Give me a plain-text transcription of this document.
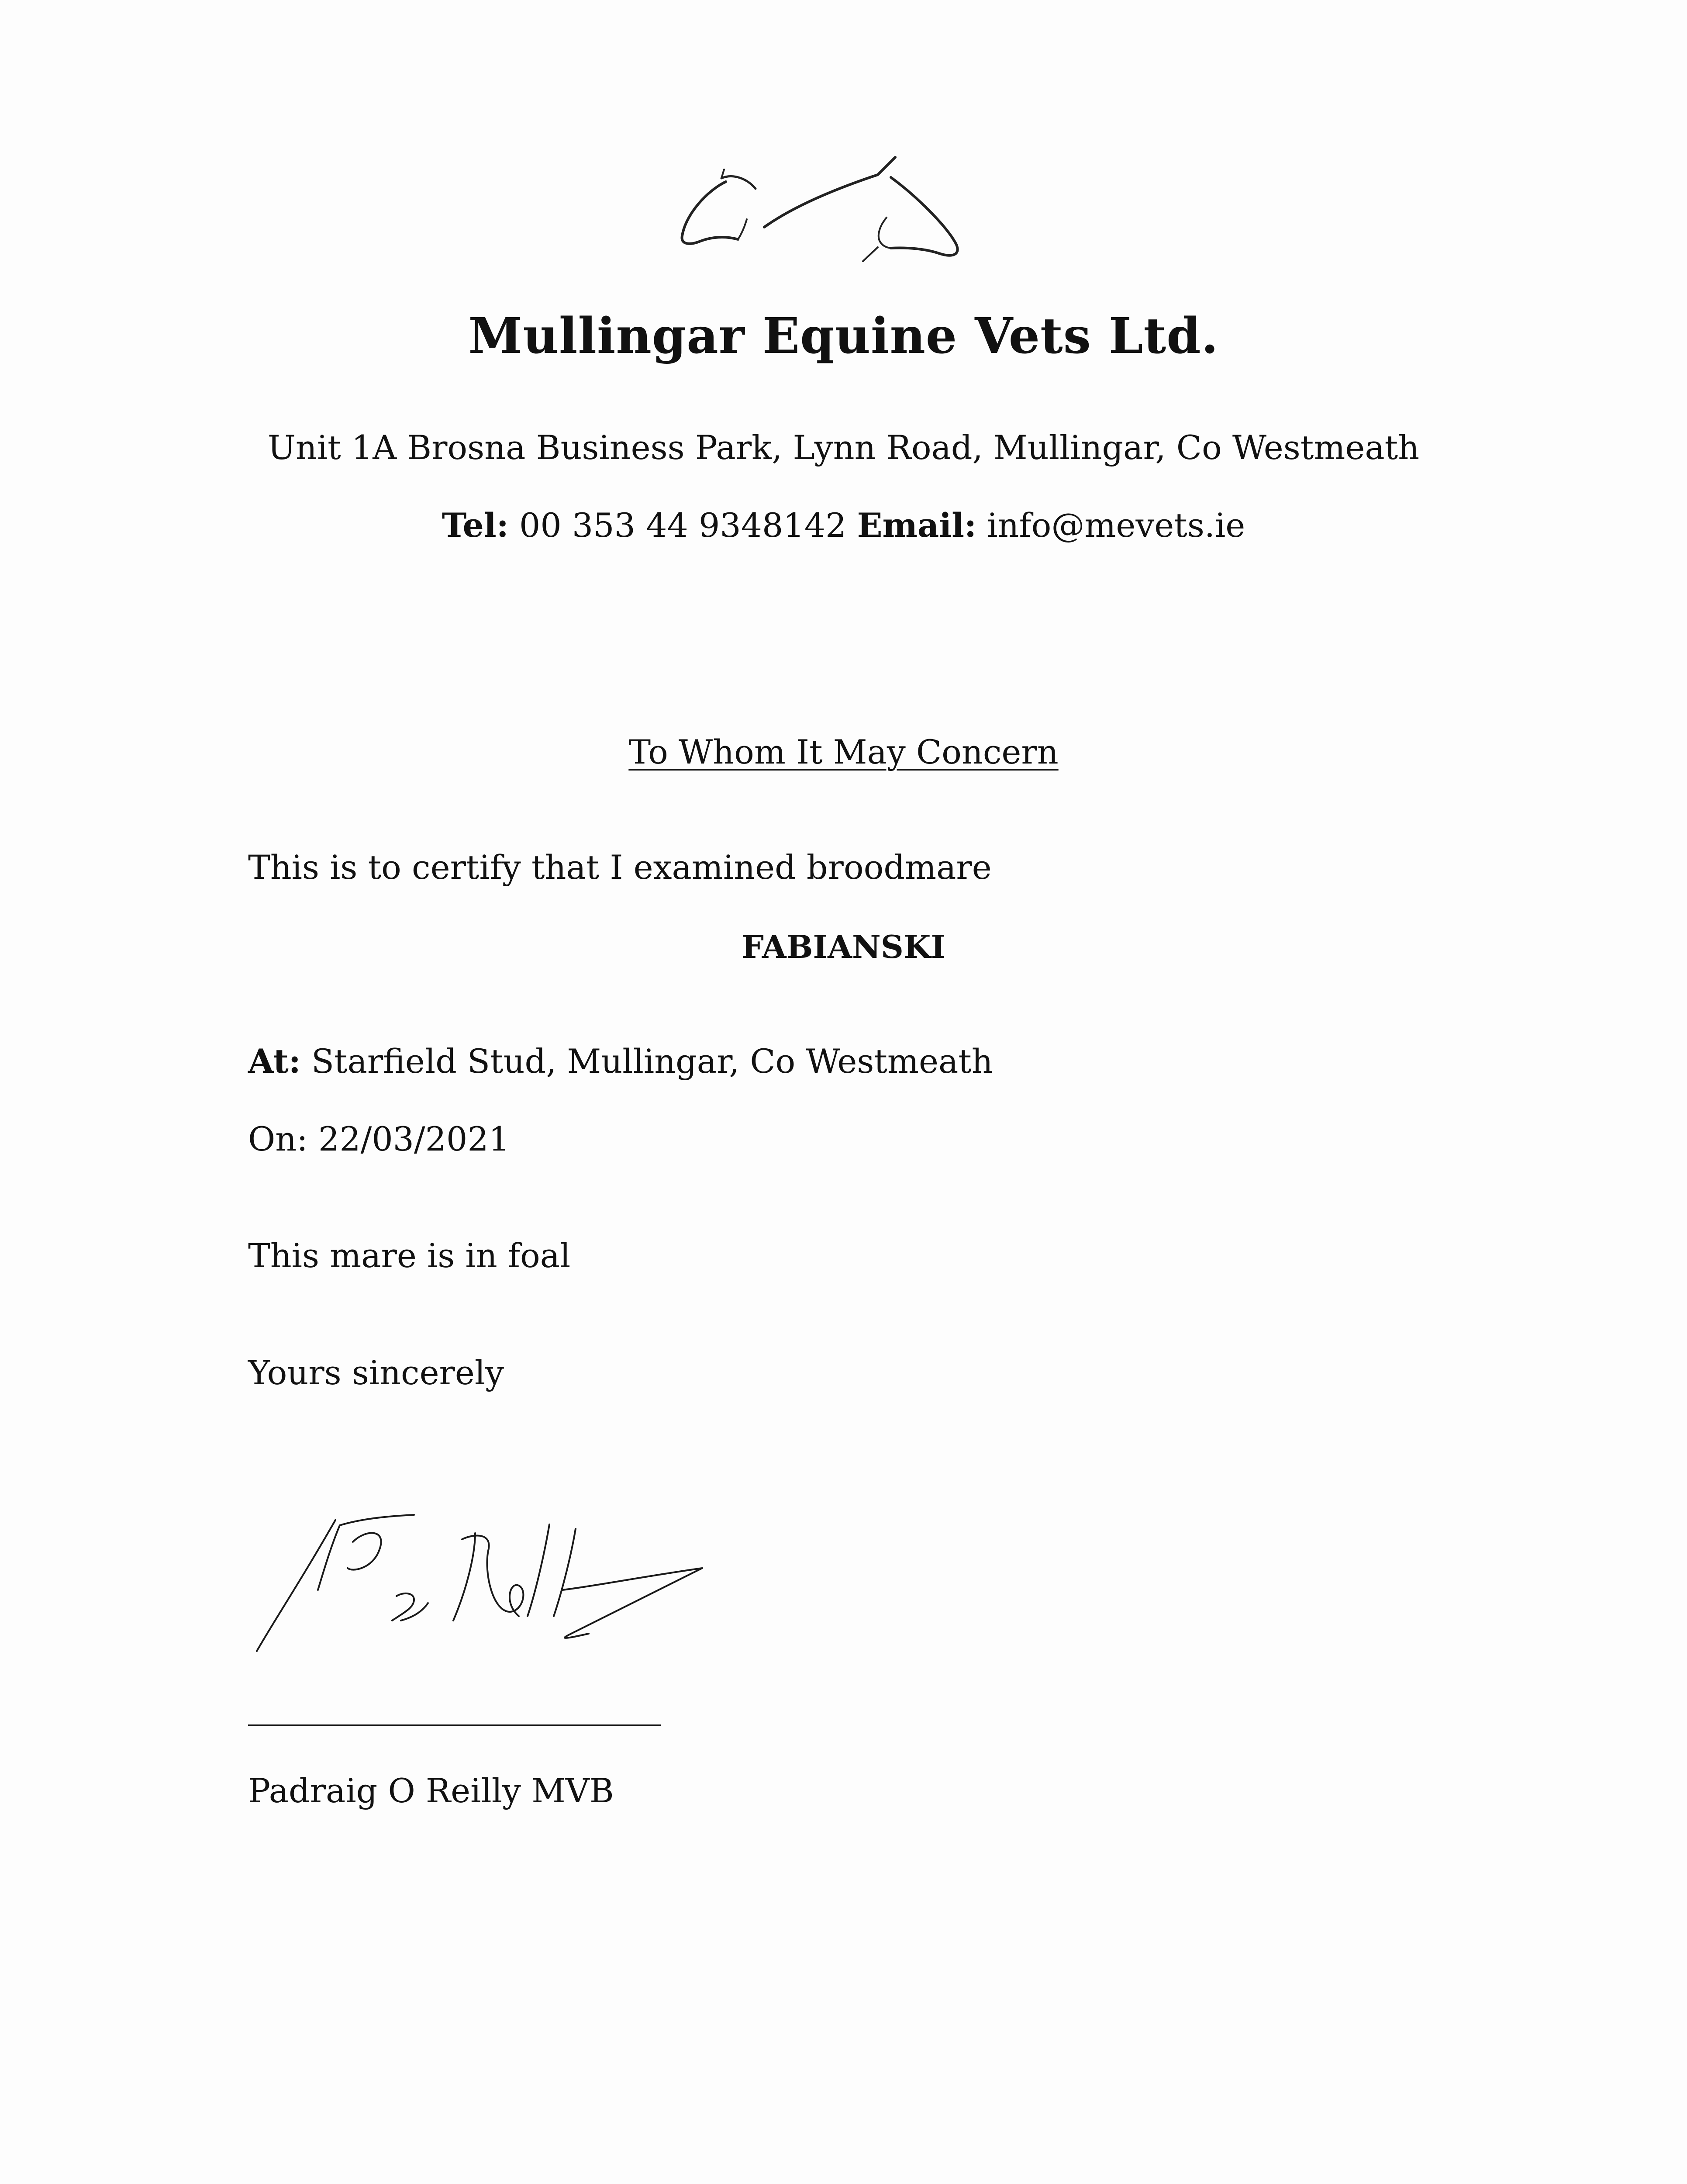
Mullingar Equine Vets Ltd.
Unit 1A Brosna Business Park, Lynn Road, Mullingar, Co Westmeath
Tel: 00 353 44 9348142 Email: info@mevets.ie
To Whom It May Concern
This is to certify that I examined broodmare
FABIANSKI
At: Starfield Stud, Mullingar, Co Westmeath
On: 22/03/2021
This mare is in foal
Yours sincerely
Padraig O Reilly MVB
